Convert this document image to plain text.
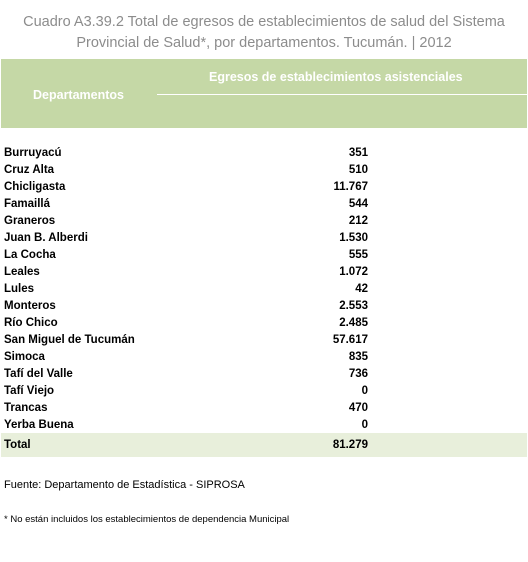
Cuadro A3.39.2 Total de egresos de establecimientos de salud del Sistema
Provincial de Salud*, por departamentos. Tucumán. | 2012
Departamentos
Egresos de establecimientos asistenciales
Burruyacú	351
Cruz Alta	510
Chicligasta	11.767
Famaillá	544
Graneros	212
Juan B. Alberdi	1.530
La Cocha	555
Leales	1.072
Lules	42
Monteros	2.553
Río Chico	2.485
San Miguel de Tucumán	57.617
Simoca	835
Tafí del Valle	736
Tafí Viejo	0
Trancas	470
Yerba Buena	0
Total	81.279
Fuente: Departamento de Estadística - SIPROSA
* No están incluidos los establecimientos de dependencia Municipal
